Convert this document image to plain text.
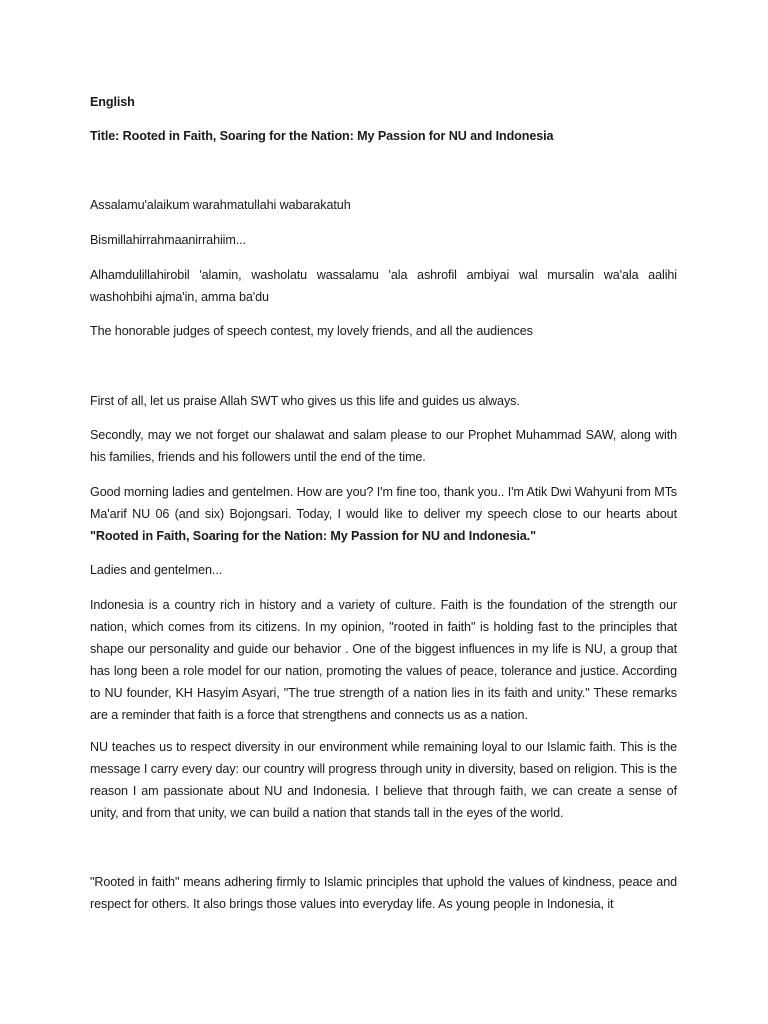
English

Title: Rooted in Faith, Soaring for the Nation: My Passion for NU and Indonesia

Assalamu'alaikum warahmatullahi wabarakatuh

Bismillahirrahmaanirrahiim...

Alhamdulillahirobil 'alamin, washolatu wassalamu 'ala ashrofil ambiyai wal mursalin wa'ala aalihi washohbihi ajma'in, amma ba'du

The honorable judges of speech contest, my lovely friends, and all the audiences

First of all, let us praise Allah SWT who gives us this life and guides us always.

Secondly, may we not forget our shalawat and salam please to our Prophet Muhammad SAW, along with his families, friends and his followers until the end of the time.

Good morning ladies and gentelmen. How are you? I'm fine too, thank you.. I'm Atik Dwi Wahyuni from MTs Ma'arif NU 06 (and six) Bojongsari. Today, I would like to deliver my speech close to our hearts about "Rooted in Faith, Soaring for the Nation: My Passion for NU and Indonesia."

Ladies and gentelmen...

Indonesia is a country rich in history and a variety of culture. Faith is the foundation of the strength our nation, which comes from its citizens. In my opinion, "rooted in faith" is holding fast to the principles that shape our personality and guide our behavior . One of the biggest influences in my life is NU, a group that has long been a role model for our nation, promoting the values of peace, tolerance and justice. According to NU founder, KH Hasyim Asyari, "The true strength of a nation lies in its faith and unity." These remarks are a reminder that faith is a force that strengthens and connects us as a nation.

NU teaches us to respect diversity in our environment while remaining loyal to our Islamic faith. This is the message I carry every day: our country will progress through unity in diversity, based on religion. This is the reason I am passionate about NU and Indonesia. I believe that through faith, we can create a sense of unity, and from that unity, we can build a nation that stands tall in the eyes of the world.

"Rooted in faith" means adhering firmly to Islamic principles that uphold the values of kindness, peace and respect for others. It also brings those values into everyday life. As young people in Indonesia, it
